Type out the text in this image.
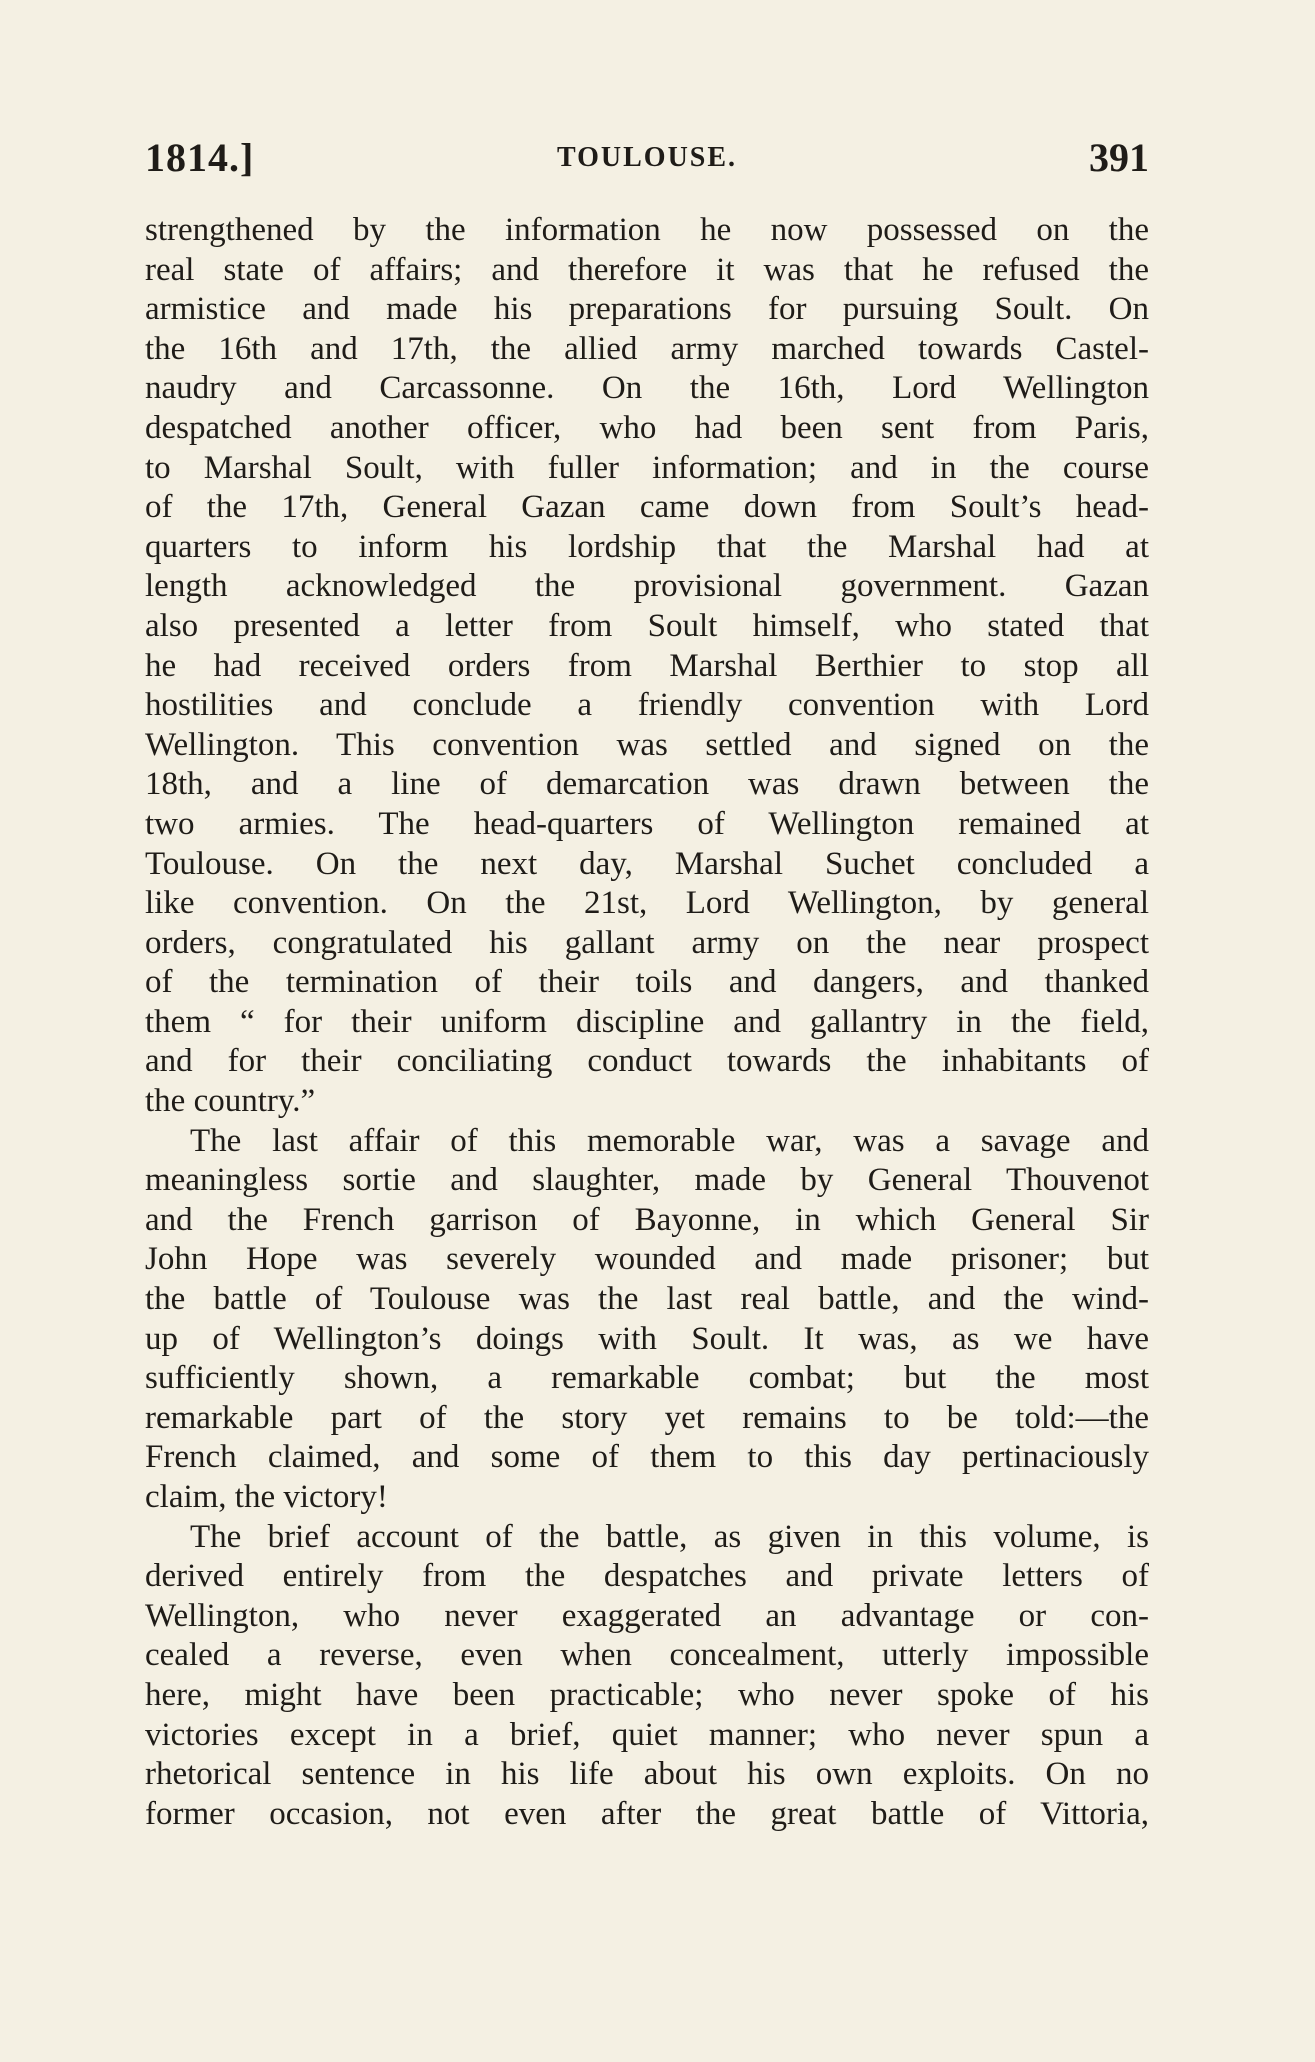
1814.]	TOULOUSE.	391
strengthened by the information he now possessed on the
real state of affairs; and therefore it was that he refused the
armistice and made his preparations for pursuing Soult. On
the 16th and 17th, the allied army marched towards Castel-
naudry and Carcassonne. On the 16th, Lord Wellington
despatched another officer, who had been sent from Paris,
to Marshal Soult, with fuller information; and in the course
of the 17th, General Gazan came down from Soult’s head-
quarters to inform his lordship that the Marshal had at
length acknowledged the provisional government. Gazan
also presented a letter from Soult himself, who stated that
he had received orders from Marshal Berthier to stop all
hostilities and conclude a friendly convention with Lord
Wellington. This convention was settled and signed on the
18th, and a line of demarcation was drawn between the
two armies. The head-quarters of Wellington remained at
Toulouse. On the next day, Marshal Suchet concluded a
like convention. On the 21st, Lord Wellington, by general
orders, congratulated his gallant army on the near prospect
of the termination of their toils and dangers, and thanked
them “ for their uniform discipline and gallantry in the field,
and for their conciliating conduct towards the inhabitants of
the country.”
The last affair of this memorable war, was a savage and
meaningless sortie and slaughter, made by General Thouvenot
and the French garrison of Bayonne, in which General Sir
John Hope was severely wounded and made prisoner; but
the battle of Toulouse was the last real battle, and the wind-
up of Wellington’s doings with Soult. It was, as we have
sufficiently shown, a remarkable combat; but the most
remarkable part of the story yet remains to be told:—the
French claimed, and some of them to this day pertinaciously
claim, the victory!
The brief account of the battle, as given in this volume, is
derived entirely from the despatches and private letters of
Wellington, who never exaggerated an advantage or con-
cealed a reverse, even when concealment, utterly impossible
here, might have been practicable; who never spoke of his
victories except in a brief, quiet manner; who never spun a
rhetorical sentence in his life about his own exploits. On no
former occasion, not even after the great battle of Vittoria,
